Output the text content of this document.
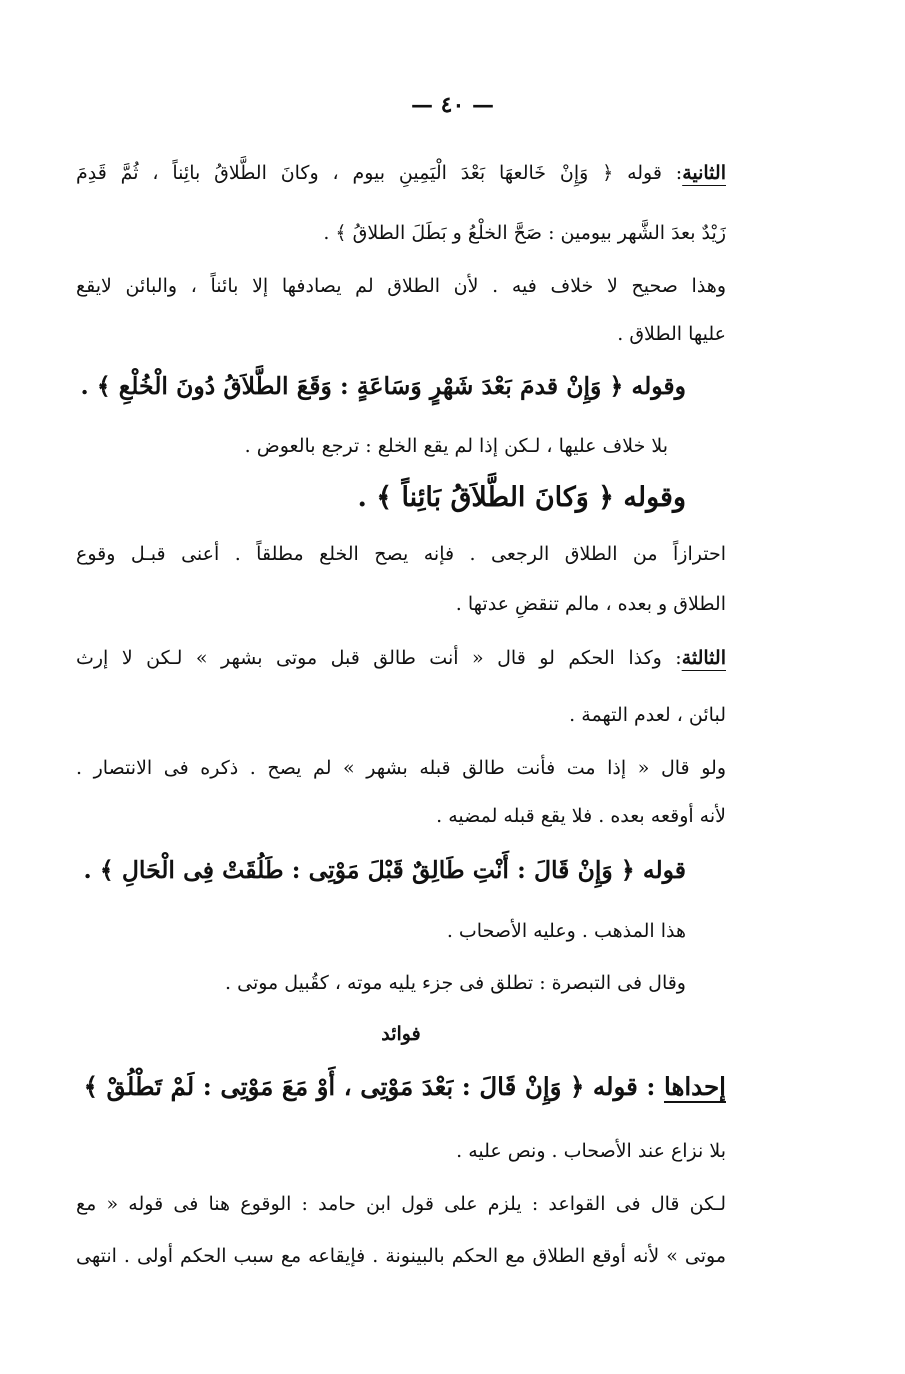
— ٤٠ —
الثانية: قوله ﴿ وَإِنْ خَالعهَا بَعْدَ الْيَمِينِ بيوم ، وكانَ الطَّلاقُ بائِناً ، ثُمَّ قَدِمَ
زَيْدٌ بعدَ الشَّهر بيومين : صَحَّ الخلْعُ و بَطَلَ الطلاقُ ﴾ .
وهذا صحيح لا خلاف فيه . لأن الطلاق لم يصادفها إلا بائناً ، والبائن لايقع
عليها الطلاق .
وقوله ﴿ وَإِنْ قدمَ بَعْدَ شَهْرٍ وَسَاعَةٍ : وَقَعَ الطَّلاَقُ دُونَ الْخُلْعِ ﴾ .
بلا خلاف عليها ، لـكن إذا لم يقع الخلع : ترجع بالعوض .
وقوله ﴿ وَكانَ الطَّلاَقُ بَائِناً ﴾ .
احترازاً من الطلاق الرجعى . فإنه يصح الخلع مطلقاً . أعنى قبـل وقوع
الطلاق و بعده ، مالم تنقضِ عدتها .
الثالثة: وكذا الحكم لو قال « أنت طالق قبل موتى بشهر » لـكن لا إرث
لبائن ، لعدم التهمة .
ولو قال « إذا مت فأنت طالق قبله بشهر » لم يصح . ذكره فى الانتصار .
لأنه أوقعه بعده . فلا يقع قبله لمضيه .
قوله ﴿ وَإِنْ قَالَ : أَنْتِ طَالِقٌ قَبْلَ مَوْتِى : طَلُقَتْ فِى الْحَالِ ﴾ .
هذا المذهب . وعليه الأصحاب .
وقال فى التبصرة : تطلق فى جزء يليه موته ، كقُبيل موتى .
فوائد
إحداها : قوله ﴿ وَإِنْ قَالَ : بَعْدَ مَوْتِى ، أَوْ مَعَ مَوْتِى : لَمْ تَطْلُقْ ﴾
بلا نزاع عند الأصحاب . ونص عليه .
لـكن قال فى القواعد : يلزم على قول ابن حامد : الوقوع هنا فى قوله « مع
موتى » لأنه أوقع الطلاق مع الحكم بالبينونة . فإيقاعه مع سبب الحكم أولى . انتهى
